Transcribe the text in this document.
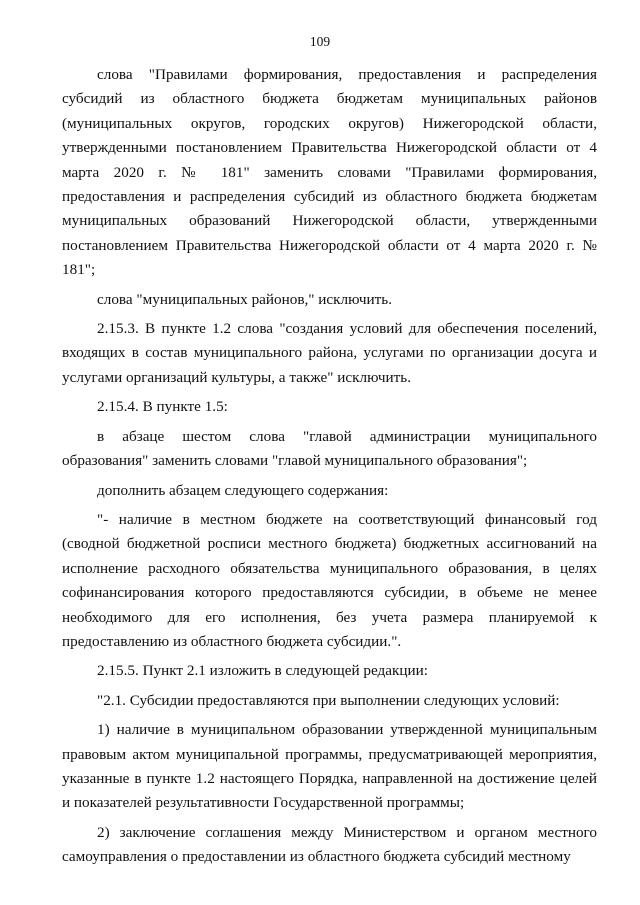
109

слова "Правилами формирования, предоставления и распределения субсидий из областного бюджета бюджетам муниципальных районов (муниципальных округов, городских округов) Нижегородской области, утвержденными постановлением Правительства Нижегородской области от 4 марта 2020 г. № 181" заменить словами "Правилами формирования, предоставления и распределения субсидий из областного бюджета бюджетам муниципальных образований Нижегородской области, утвержденными постановлением Правительства Нижегородской области от 4 марта 2020 г. № 181";

слова "муниципальных районов," исключить.

2.15.3. В пункте 1.2 слова "создания условий для обеспечения поселений, входящих в состав муниципального района, услугами по организации досуга и услугами организаций культуры, а также" исключить.

2.15.4. В пункте 1.5:

в абзаце шестом слова "главой администрации муниципального образования" заменить словами "главой муниципального образования";

дополнить абзацем следующего содержания:

"- наличие в местном бюджете на соответствующий финансовый год (сводной бюджетной росписи местного бюджета) бюджетных ассигнований на исполнение расходного обязательства муниципального образования, в целях софинансирования которого предоставляются субсидии, в объеме не менее необходимого для его исполнения, без учета размера планируемой к предоставлению из областного бюджета субсидии.".

2.15.5. Пункт 2.1 изложить в следующей редакции:

"2.1. Субсидии предоставляются при выполнении следующих условий:

1) наличие в муниципальном образовании утвержденной муниципальным правовым актом муниципальной программы, предусматривающей мероприятия, указанные в пункте 1.2 настоящего Порядка, направленной на достижение целей и показателей результативности Государственной программы;

2) заключение соглашения между Министерством и органом местного самоуправления о предоставлении из областного бюджета субсидий местному
